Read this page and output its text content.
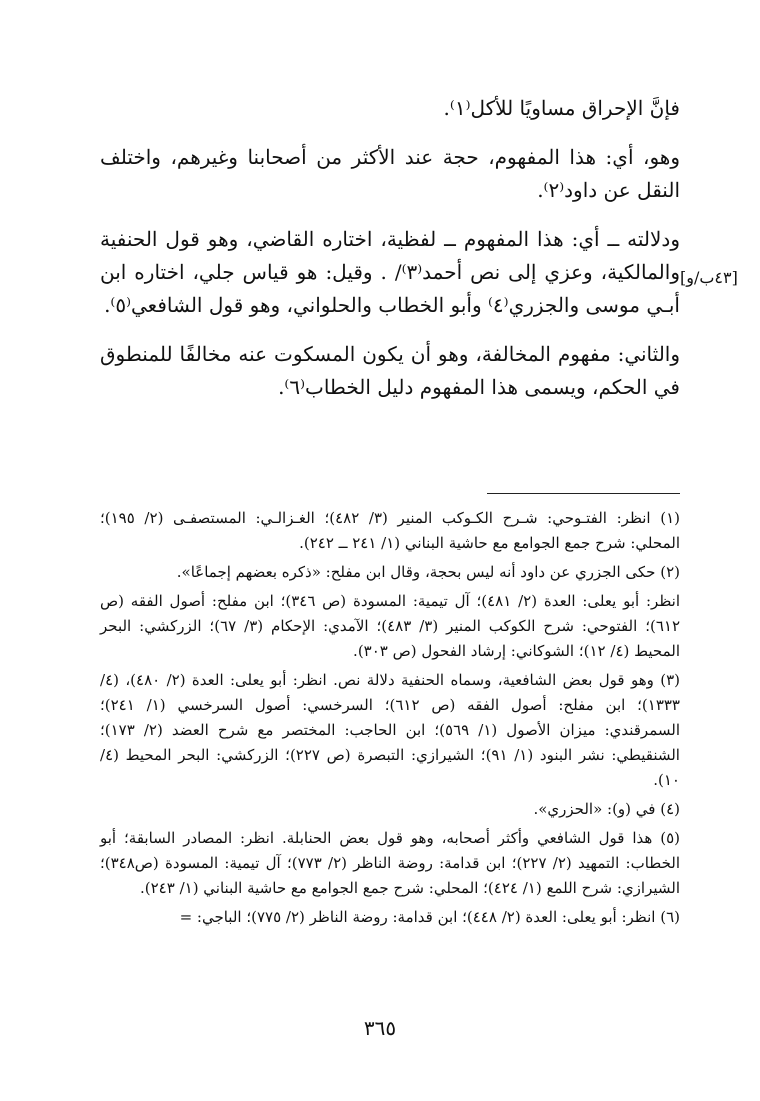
فإنَّ الإحراق مساويًا للأكل⁽١⁾.

وهو، أي: هذا المفهوم، حجة عند الأكثر من أصحابنا وغيرهم، واختلف النقل عن داود⁽٢⁾.

ودلالته ــ أي: هذا المفهوم ــ لفظية، اختاره القاضي، وهو قول الحنفية والمالكية، وعزي إلى نص أحمد⁽٣⁾/ . وقيل: هو قياس جلي، اختاره ابن أبـي موسى والجزري⁽٤⁾ وأبو الخطاب والحلواني، وهو قول الشافعي⁽٥⁾.

والثاني: مفهوم المخالفة، وهو أن يكون المسكوت عنه مخالفًا للمنطوق في الحكم، ويسمى هذا المفهوم دليل الخطاب⁽٦⁾.

[٤٣ب/و]

(١) انظر: الفتـوحي: شـرح الكـوكب المنير (٣/ ٤٨٢)؛ الغـزالـي: المستصفـى (٢/ ١٩٥)؛ المحلي: شرح جمع الجوامع مع حاشية البناني (١/ ٢٤١ ــ ٢٤٢).

(٢) حكى الجزري عن داود أنه ليس بحجة، وقال ابن مفلح: «ذكره بعضهم إجماعًا».

انظر: أبو يعلى: العدة (٢/ ٤٨١)؛ آل تيمية: المسودة (ص ٣٤٦)؛ ابن مفلح: أصول الفقه (ص ٦١٢)؛ الفتوحي: شرح الكوكب المنير (٣/ ٤٨٣)؛ الآمدي: الإحكام (٣/ ٦٧)؛ الزركشي: البحر المحيط (٤/ ١٢)؛ الشوكاني: إرشاد الفحول (ص ٣٠٣).

(٣) وهو قول بعض الشافعية، وسماه الحنفية دلالة نص. انظر: أبو يعلى: العدة (٢/ ٤٨٠)، (٤/ ١٣٣٣)؛ ابن مفلح: أصول الفقه (ص ٦١٢)؛ السرخسي: أصول السرخسي (١/ ٢٤١)؛ السمرقندي: ميزان الأصول (١/ ٥٦٩)؛ ابن الحاجب: المختصر مع شرح العضد (٢/ ١٧٣)؛ الشنقيطي: نشر البنود (١/ ٩١)؛ الشيرازي: التبصرة (ص ٢٢٧)؛ الزركشي: البحر المحيط (٤/ ١٠).

(٤) في (و): «الحزري».

(٥) هذا قول الشافعي وأكثر أصحابه، وهو قول بعض الحنابلة. انظر: المصادر السابقة؛ أبو الخطاب: التمهيد (٢/ ٢٢٧)؛ ابن قدامة: روضة الناظر (٢/ ٧٧٣)؛ آل تيمية: المسودة (ص٣٤٨)؛ الشيرازي: شرح اللمع (١/ ٤٢٤)؛ المحلي: شرح جمع الجوامع مع حاشية البناني (١/ ٢٤٣).

(٦) انظر: أبو يعلى: العدة (٢/ ٤٤٨)؛ ابن قدامة: روضة الناظر (٢/ ٧٧٥)؛ الباجي: =

٣٦٥
